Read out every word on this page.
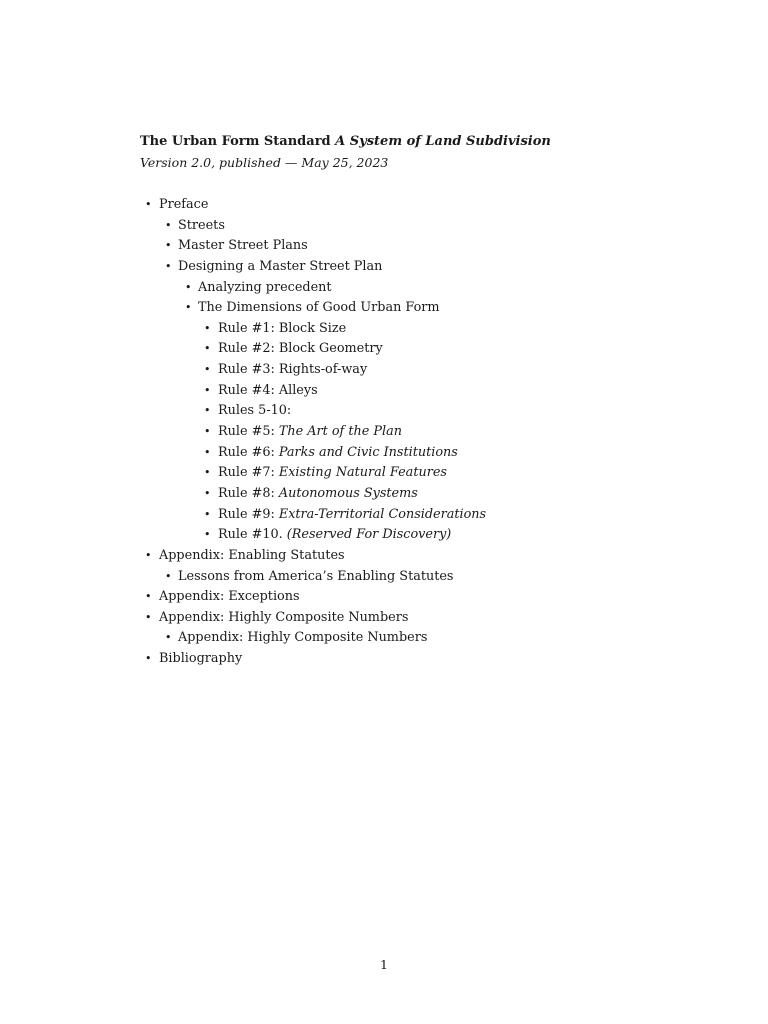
The Urban Form Standard A System of Land Subdivision
Version 2.0, published — May 25, 2023
• Preface
• Streets
• Master Street Plans
• Designing a Master Street Plan
• Analyzing precedent
• The Dimensions of Good Urban Form
• Rule #1: Block Size
• Rule #2: Block Geometry
• Rule #3: Rights-of-way
• Rule #4: Alleys
• Rules 5-10:
• Rule #5: The Art of the Plan
• Rule #6: Parks and Civic Institutions
• Rule #7: Existing Natural Features
• Rule #8: Autonomous Systems
• Rule #9: Extra-Territorial Considerations
• Rule #10. (Reserved For Discovery)
• Appendix: Enabling Statutes
• Lessons from America’s Enabling Statutes
• Appendix: Exceptions
• Appendix: Highly Composite Numbers
• Appendix: Highly Composite Numbers
• Bibliography
1
